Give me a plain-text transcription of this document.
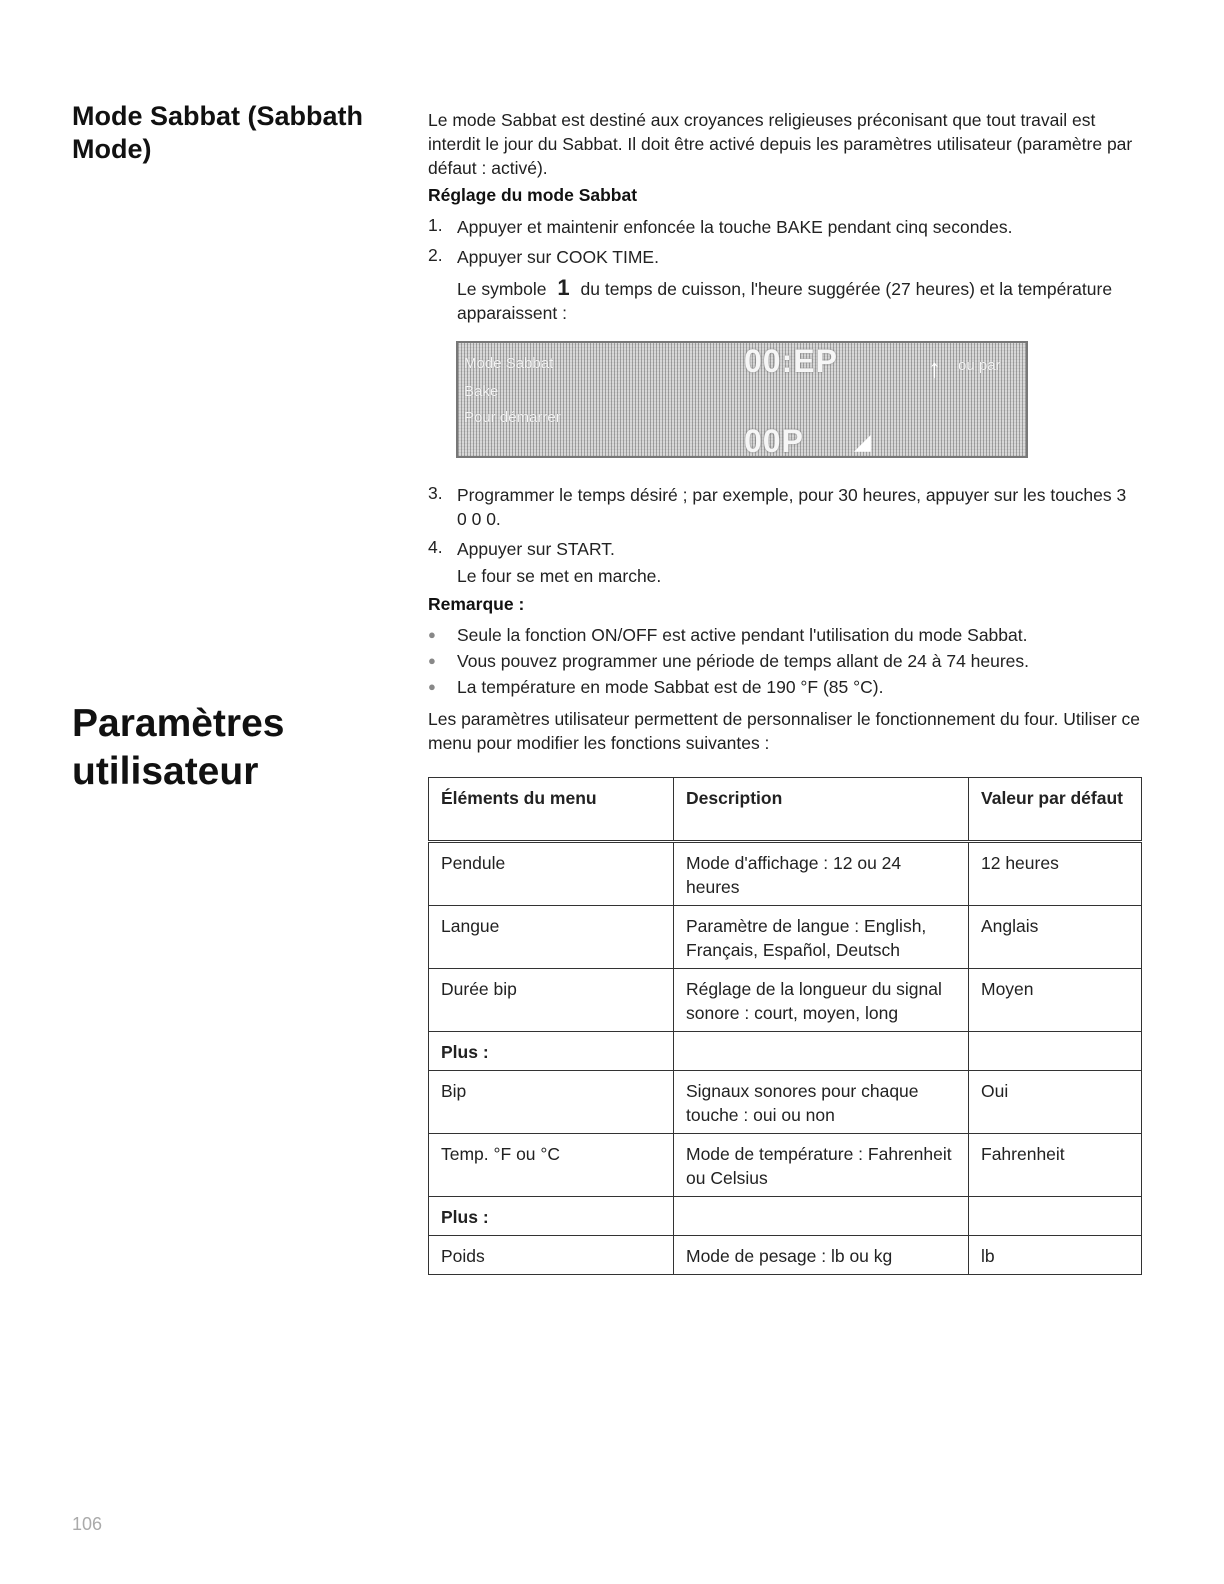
Mode Sabbat (Sabbath Mode)
Paramètres utilisateur
Le mode Sabbat est destiné aux croyances religieuses préconisant que tout travail est interdit le jour du Sabbat. Il doit être activé depuis les paramètres utilisateur (paramètre par défaut : activé).
Réglage du mode Sabbat
1. Appuyer et maintenir enfoncée la touche BAKE pendant cinq secondes.
2. Appuyer sur COOK TIME.
Le symbole 1 du temps de cuisson, l'heure suggérée (27 heures) et la température apparaissent :
Mode Sabbat
Bake
Pour démarrer
00:EP
00P
ou par
↑
◢
3. Programmer le temps désiré ; par exemple, pour 30 heures, appuyer sur les touches 3 0 0 0.
4. Appuyer sur START.
Le four se met en marche.
Remarque :
● Seule la fonction ON/OFF est active pendant l'utilisation du mode Sabbat.
● Vous pouvez programmer une période de temps allant de 24 à 74 heures.
● La température en mode Sabbat est de 190 °F (85 °C).
Les paramètres utilisateur permettent de personnaliser le fonctionnement du four. Utiliser ce menu pour modifier les fonctions suivantes :
Éléments du menu	Description	Valeur par défaut
Pendule	Mode d'affichage : 12 ou 24 heures	12 heures
Langue	Paramètre de langue : English, Français, Español, Deutsch	Anglais
Durée bip	Réglage de la longueur du signal sonore : court, moyen, long	Moyen
Plus :		
Bip	Signaux sonores pour chaque touche : oui ou non	Oui
Temp. °F ou °C	Mode de température : Fahrenheit ou Celsius	Fahrenheit
Plus :		
Poids	Mode de pesage : lb ou kg	lb
106
